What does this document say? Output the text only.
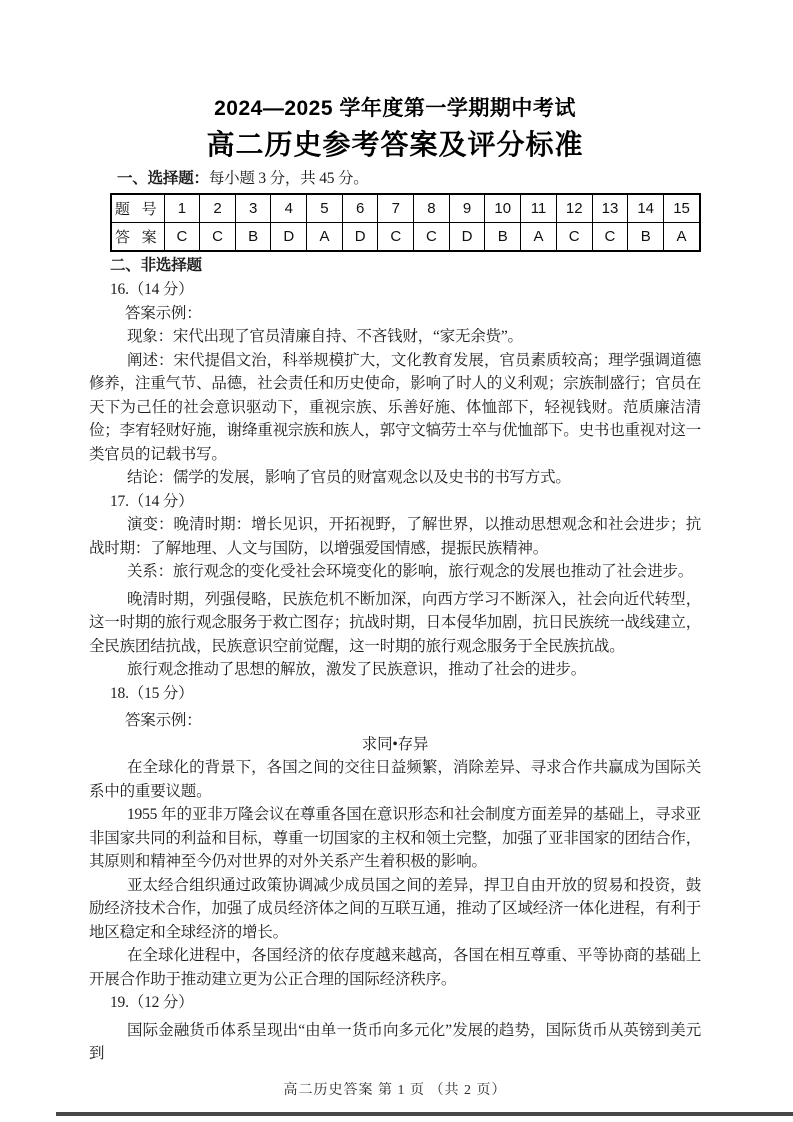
2024—2025 学年度第一学期期中考试
高二历史参考答案及评分标准

一、选择题：每小题 3 分，共 45 分。

题 号	1	2	3	4	5	6	7	8	9	10	11	12	13	14	15
答 案	C	C	B	D	A	D	C	C	D	B	A	C	C	B	A

二、非选择题

16.（14 分）

答案示例：

现象：宋代出现了官员清廉自持、不吝钱财，“家无余赀”。

阐述：宋代提倡文治，科举规模扩大，文化教育发展，官员素质较高；理学强调道德修养，注重气节、品德，社会责任和历史使命，影响了时人的义利观；宗族制盛行；官员在天下为己任的社会意识驱动下，重视宗族、乐善好施、体恤部下，轻视钱财。范质廉洁清俭；李宥轻财好施，谢绛重视宗族和族人，郭守文犒劳士卒与优恤部下。史书也重视对这一类官员的记载书写。

结论：儒学的发展，影响了官员的财富观念以及史书的书写方式。

17.（14 分）

演变：晚清时期：增长见识，开拓视野，了解世界，以推动思想观念和社会进步；抗战时期：了解地理、人文与国防，以增强爱国情感，提振民族精神。

关系：旅行观念的变化受社会环境变化的影响，旅行观念的发展也推动了社会进步。

晚清时期，列强侵略，民族危机不断加深，向西方学习不断深入，社会向近代转型，这一时期的旅行观念服务于救亡图存；抗战时期，日本侵华加剧，抗日民族统一战线建立，全民族团结抗战，民族意识空前觉醒，这一时期的旅行观念服务于全民族抗战。

旅行观念推动了思想的解放，激发了民族意识，推动了社会的进步。

18.（15 分）

答案示例：

求同•存异

在全球化的背景下，各国之间的交往日益频繁，消除差异、寻求合作共赢成为国际关系中的重要议题。

1955 年的亚非万隆会议在尊重各国在意识形态和社会制度方面差异的基础上，寻求亚非国家共同的利益和目标，尊重一切国家的主权和领土完整，加强了亚非国家的团结合作，其原则和精神至今仍对世界的对外关系产生着积极的影响。

亚太经合组织通过政策协调减少成员国之间的差异，捍卫自由开放的贸易和投资，鼓励经济技术合作，加强了成员经济体之间的互联互通，推动了区域经济一体化进程，有利于地区稳定和全球经济的增长。

在全球化进程中，各国经济的依存度越来越高，各国在相互尊重、平等协商的基础上开展合作助于推动建立更为公正合理的国际经济秩序。

19.（12 分）

国际金融货币体系呈现出“由单一货币向多元化”发展的趋势，国际货币从英镑到美元到

高二历史答案 第 1 页 （共 2 页）
